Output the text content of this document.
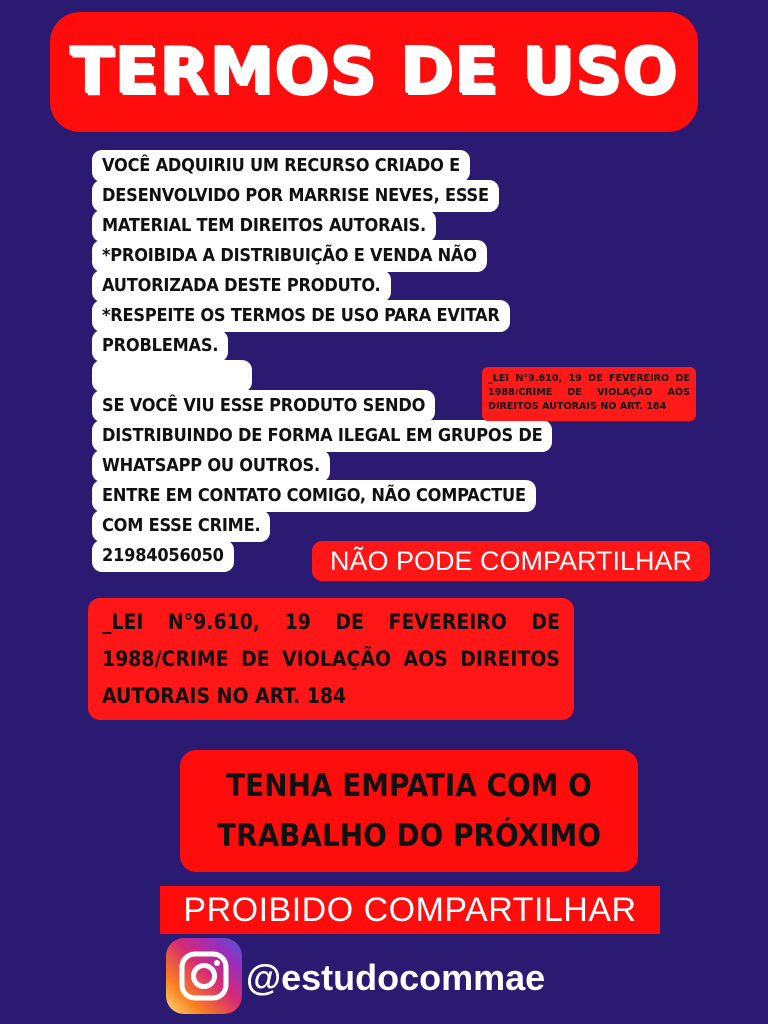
TERMOS DE USO
VOCÊ ADQUIRIU UM RECURSO CRIADO E
DESENVOLVIDO POR MARRISE NEVES, ESSE
MATERIAL TEM DIREITOS AUTORAIS.
*PROIBIDA A DISTRIBUIÇÃO E VENDA NÃO
AUTORIZADA DESTE PRODUTO.
*RESPEITE OS TERMOS DE USO PARA EVITAR
PROBLEMAS.
SE VOCÊ VIU ESSE PRODUTO SENDO
DISTRIBUINDO DE FORMA ILEGAL EM GRUPOS DE
WHATSAPP OU OUTROS.
ENTRE EM CONTATO COMIGO, NÃO COMPACTUE
COM ESSE CRIME.
21984056050
_LEI N°9.610, 19 DE FEVEREIRO DE 1988/CRIME DE VIOLAÇÃO AOS DIREITOS AUTORAIS NO ART. 184
NÃO PODE COMPARTILHAR
_LEI N°9.610, 19 DE FEVEREIRO DE 1988/CRIME DE VIOLAÇÃO AOS DIREITOS AUTORAIS NO ART. 184
TENHA EMPATIA COM O
TRABALHO DO PRÓXIMO
PROIBIDO COMPARTILHAR
@estudocommae
